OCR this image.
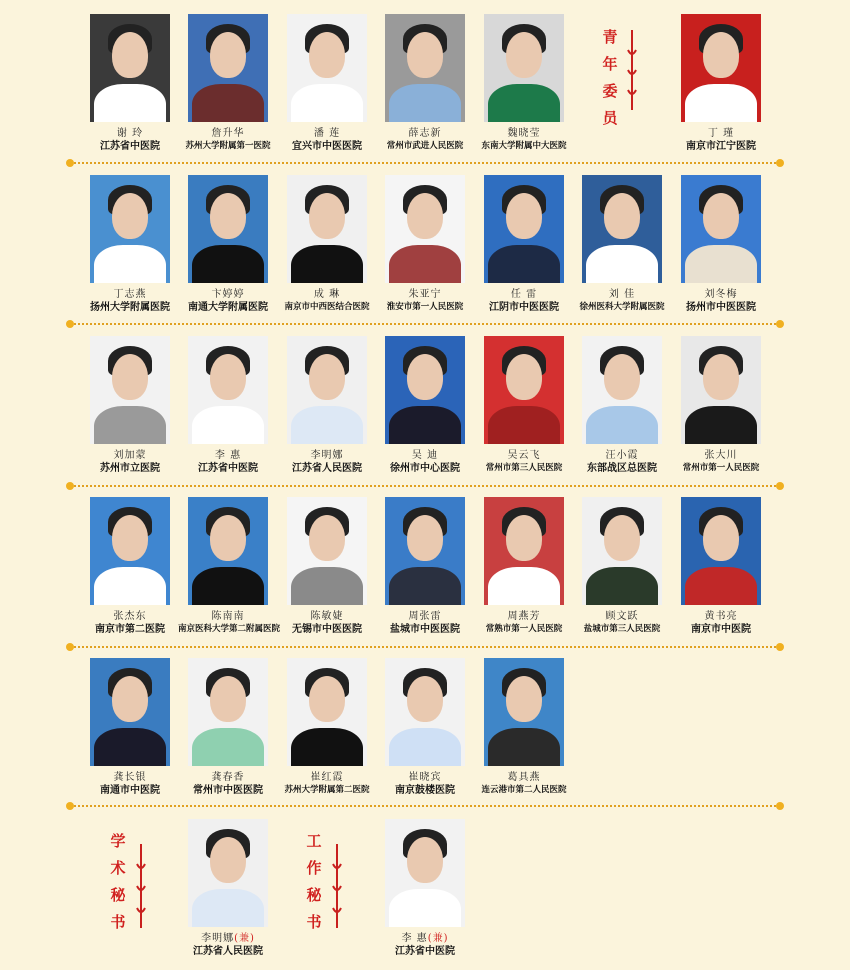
谢 玲
江苏省中医院
詹升华
苏州大学附属第一医院
潘 莲
宜兴市中医医院
薛志新
常州市武进人民医院
魏晓莹
东南大学附属中大医院
丁 瑾
南京市江宁医院
丁志燕
扬州大学附属医院
卞婷婷
南通大学附属医院
成 琳
南京市中西医结合医院
朱亚宁
淮安市第一人民医院
任 雷
江阴市中医医院
刘 佳
徐州医科大学附属医院
刘冬梅
扬州市中医医院
刘加蒙
苏州市立医院
李 惠
江苏省中医院
李明娜
江苏省人民医院
吴 迪
徐州市中心医院
吴云飞
常州市第三人民医院
汪小霞
东部战区总医院
张大川
常州市第一人民医院
张杰东
南京市第二医院
陈南南
南京医科大学第二附属医院
陈敏婕
无锡市中医医院
周张雷
盐城市中医医院
周燕芳
常熟市第一人民医院
顾文跃
盐城市第三人民医院
黄书亮
南京市中医院
龚长银
南通市中医院
龚春香
常州市中医医院
崔红霞
苏州大学附属第二医院
崔晓宾
南京鼓楼医院
葛具燕
连云港市第二人民医院
李明娜(兼)
江苏省人民医院
李 惠(兼)
江苏省中医院
青
年
委
员
学
术
秘
书
工
作
秘
书
